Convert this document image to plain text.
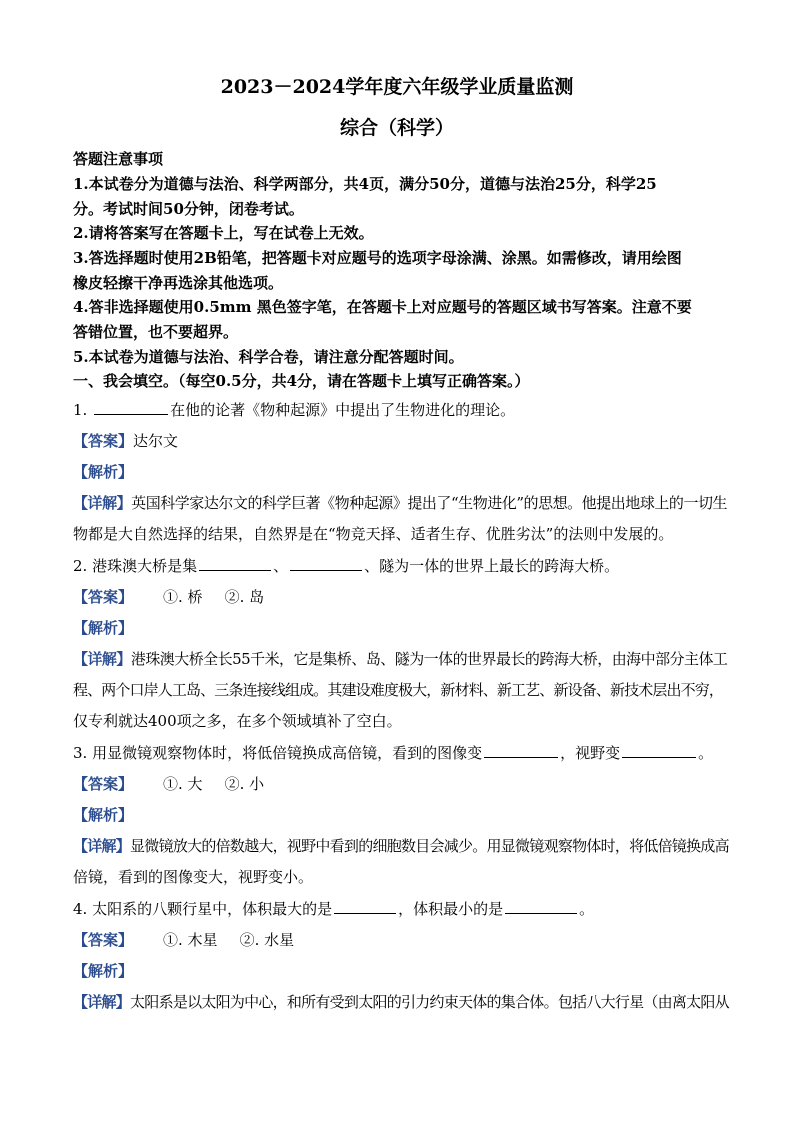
2023－2024学年度六年级学业质量监测
综合（科学）
答题注意事项
1.本试卷分为道德与法治、科学两部分，共4页，满分50分，道德与法治25分，科学25
分。考试时间50分钟，闭卷考试。
2.请将答案写在答题卡上，写在试卷上无效。
3.答选择题时使用2B铅笔，把答题卡对应题号的选项字母涂满、涂黑。如需修改，请用绘图
橡皮轻擦干净再选涂其他选项。
4.答非选择题使用0.5mm 黑色签字笔，在答题卡上对应题号的答题区域书写答案。注意不要
答错位置，也不要超界。
5.本试卷为道德与法治、科学合卷，请注意分配答题时间。
一、我会填空。（每空0.5分，共4分，请在答题卡上填写正确答案。）
1.	在他的论著《物种起源》中提出了生物进化的理论。
【答案】达尔文
【解析】
【详解】英国科学家达尔文的科学巨著《物种起源》提出了“生物进化”的思想。他提出地球上的一切生
物都是大自然选择的结果，自然界是在“物竞天择、适者生存、优胜劣汰”的法则中发展的。
2. 港珠澳大桥是集	、	、隧为一体的世界上最长的跨海大桥。
【答案】 ①. 桥 ②. 岛
【解析】
【详解】港珠澳大桥全长55千米，它是集桥、岛、隧为一体的世界最长的跨海大桥，由海中部分主体工
程、两个口岸人工岛、三条连接线组成。其建设难度极大，新材料、新工艺、新设备、新技术层出不穷，
仅专利就达400项之多，在多个领域填补了空白。
3. 用显微镜观察物体时，将低倍镜换成高倍镜，看到的图像变	，视野变	。
【答案】 ①. 大 ②. 小
【解析】
【详解】显微镜放大的倍数越大，视野中看到的细胞数目会减少。用显微镜观察物体时，将低倍镜换成高
倍镜，看到的图像变大，视野变小。
4. 太阳系的八颗行星中，体积最大的是	，体积最小的是	。
【答案】 ①. 木星 ②. 水星
【解析】
【详解】太阳系是以太阳为中心，和所有受到太阳的引力约束天体的集合体。包括八大行星（由离太阳从
